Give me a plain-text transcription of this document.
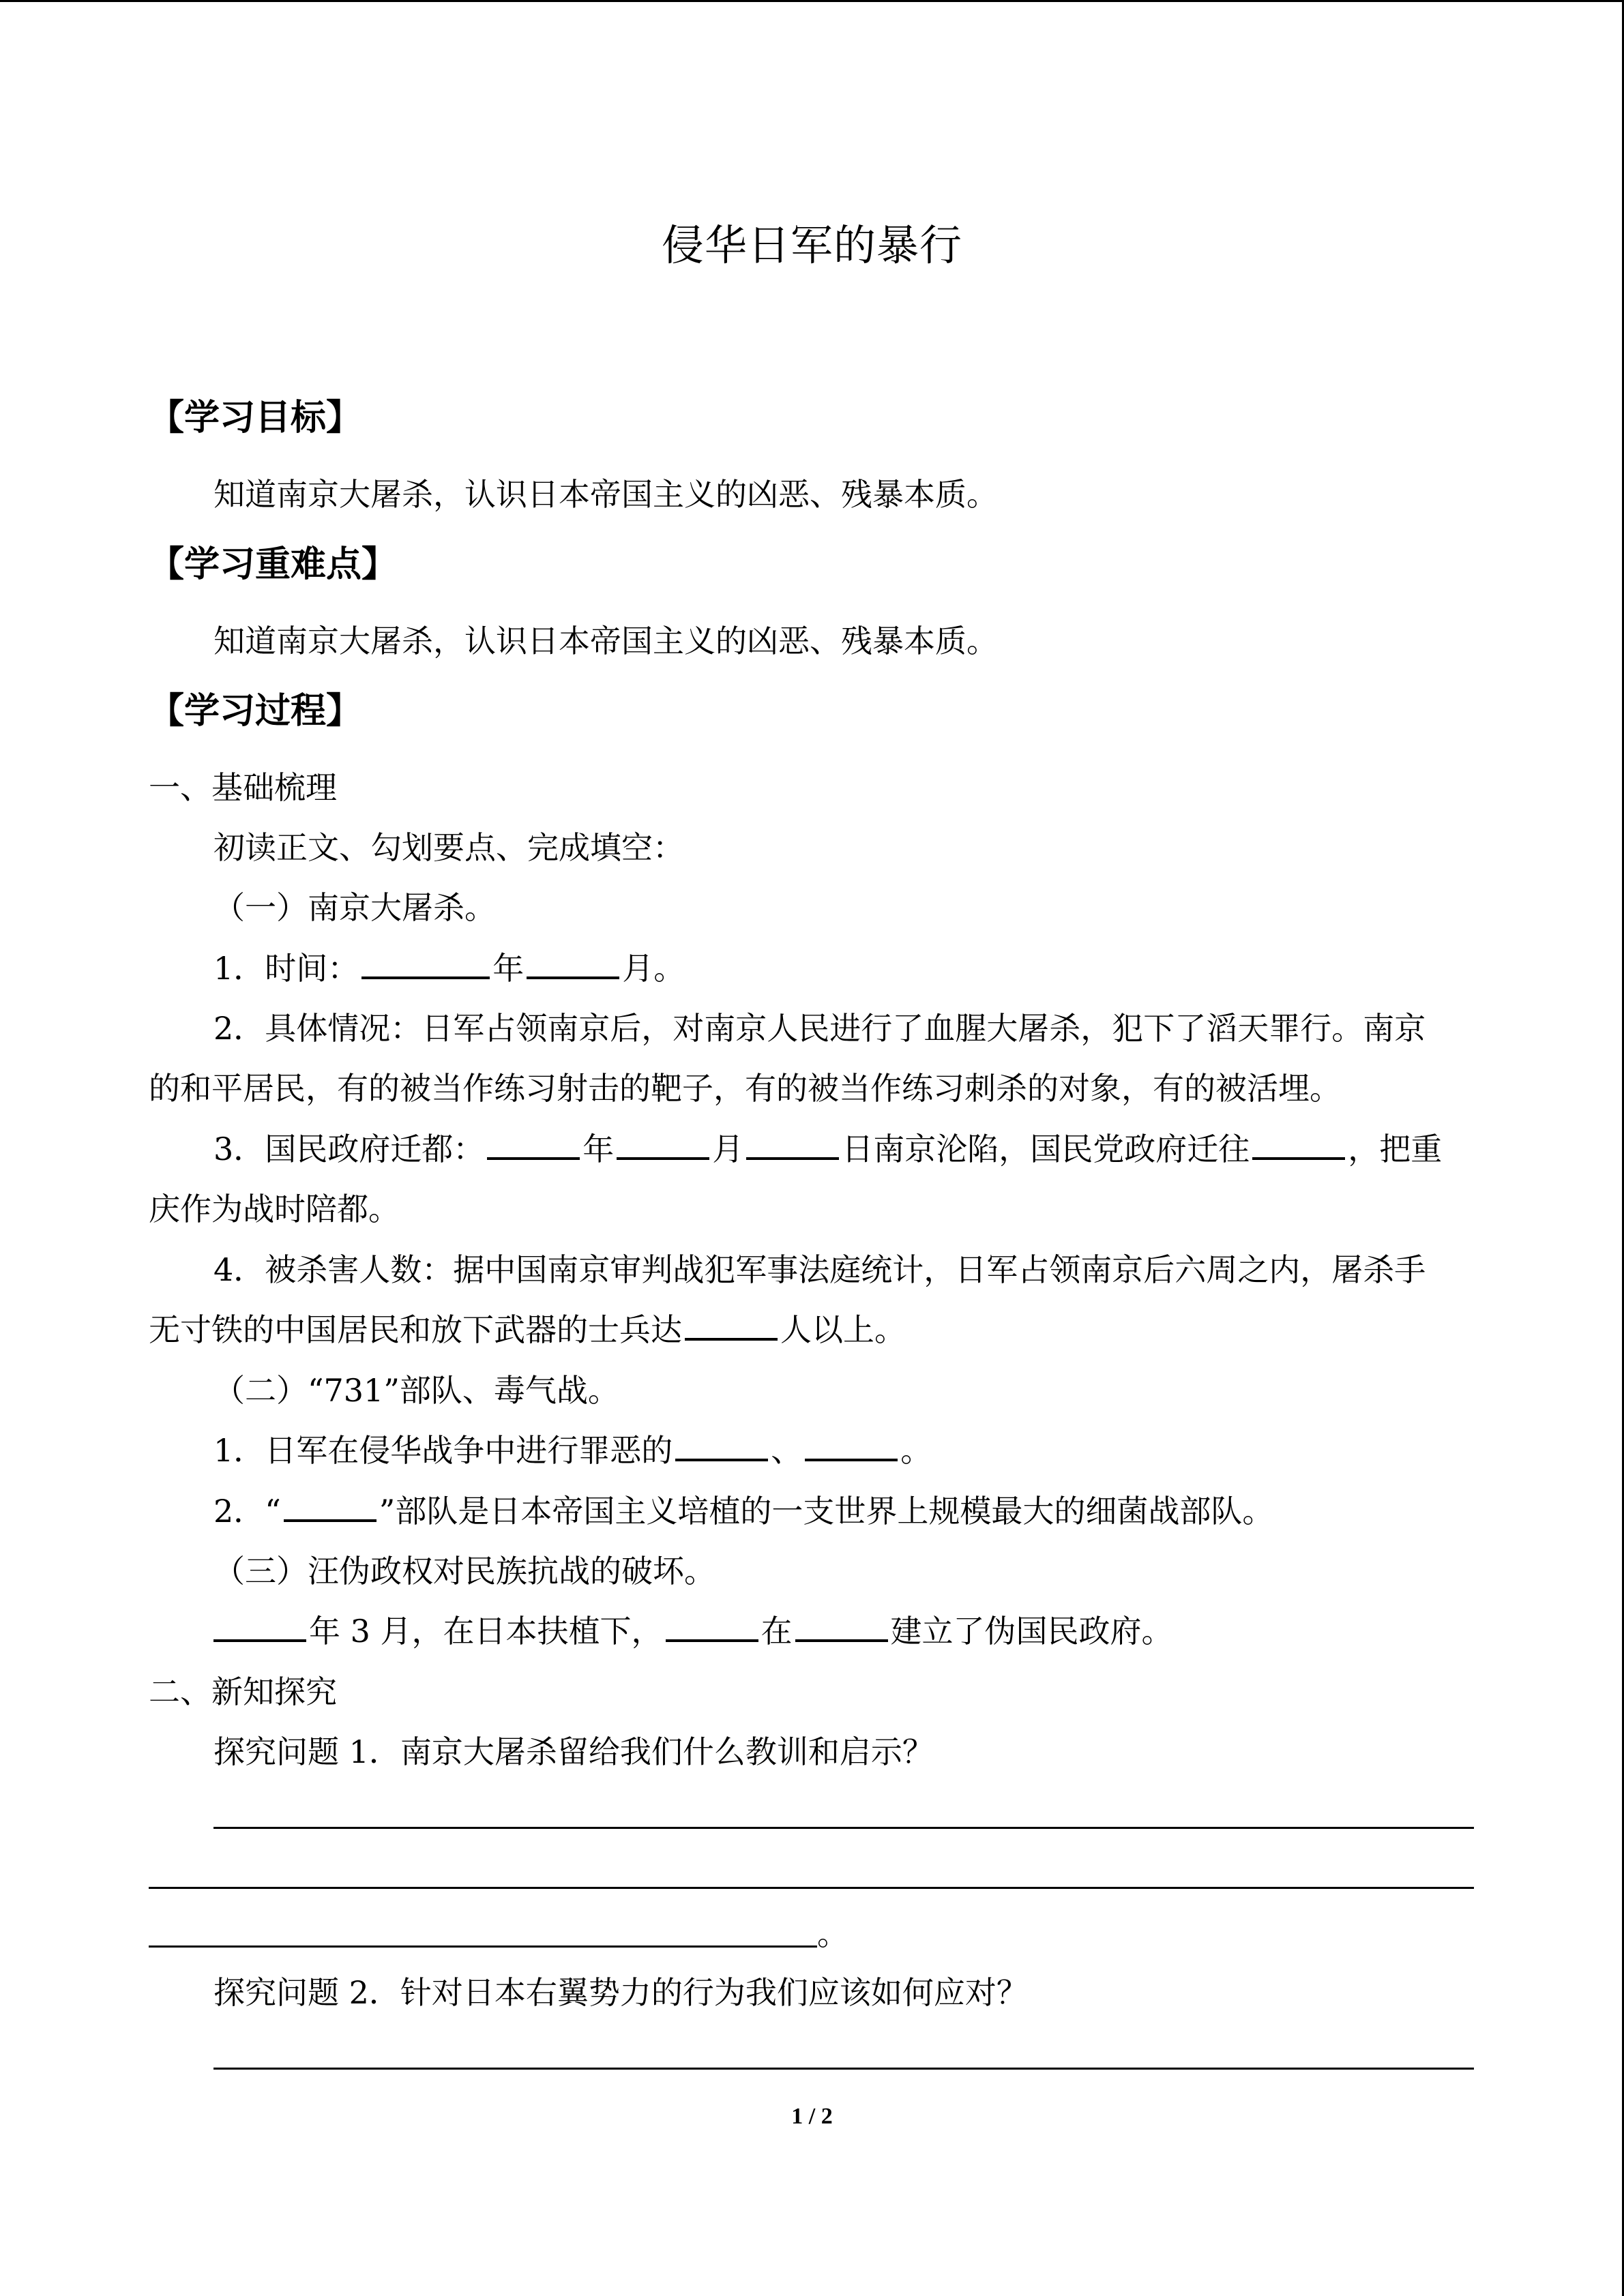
侵华日军的暴行
【学习目标】
知道南京大屠杀，认识日本帝国主义的凶恶、残暴本质。
【学习重难点】
知道南京大屠杀，认识日本帝国主义的凶恶、残暴本质。
【学习过程】
一、基础梳理
初读正文、勾划要点、完成填空：
（一）南京大屠杀。
1．时间：	年	月。
2．具体情况：日军占领南京后，对南京人民进行了血腥大屠杀，犯下了滔天罪行。南京
的和平居民，有的被当作练习射击的靶子，有的被当作练习刺杀的对象，有的被活埋。
3．国民政府迁都：	年	月	日南京沦陷，国民党政府迁往	，把重
庆作为战时陪都。
4．被杀害人数：据中国南京审判战犯军事法庭统计，日军占领南京后六周之内，屠杀手
无寸铁的中国居民和放下武器的士兵达	人以上。
（二）“731”部队、毒气战。
1．日军在侵华战争中进行罪恶的	、	。
2．“	”部队是日本帝国主义培植的一支世界上规模最大的细菌战部队。
（三）汪伪政权对民族抗战的破坏。
年 3 月，在日本扶植下，	在	建立了伪国民政府。
二、新知探究
探究问题 1．南京大屠杀留给我们什么教训和启示？
。
探究问题 2．针对日本右翼势力的行为我们应该如何应对？
1 / 2
